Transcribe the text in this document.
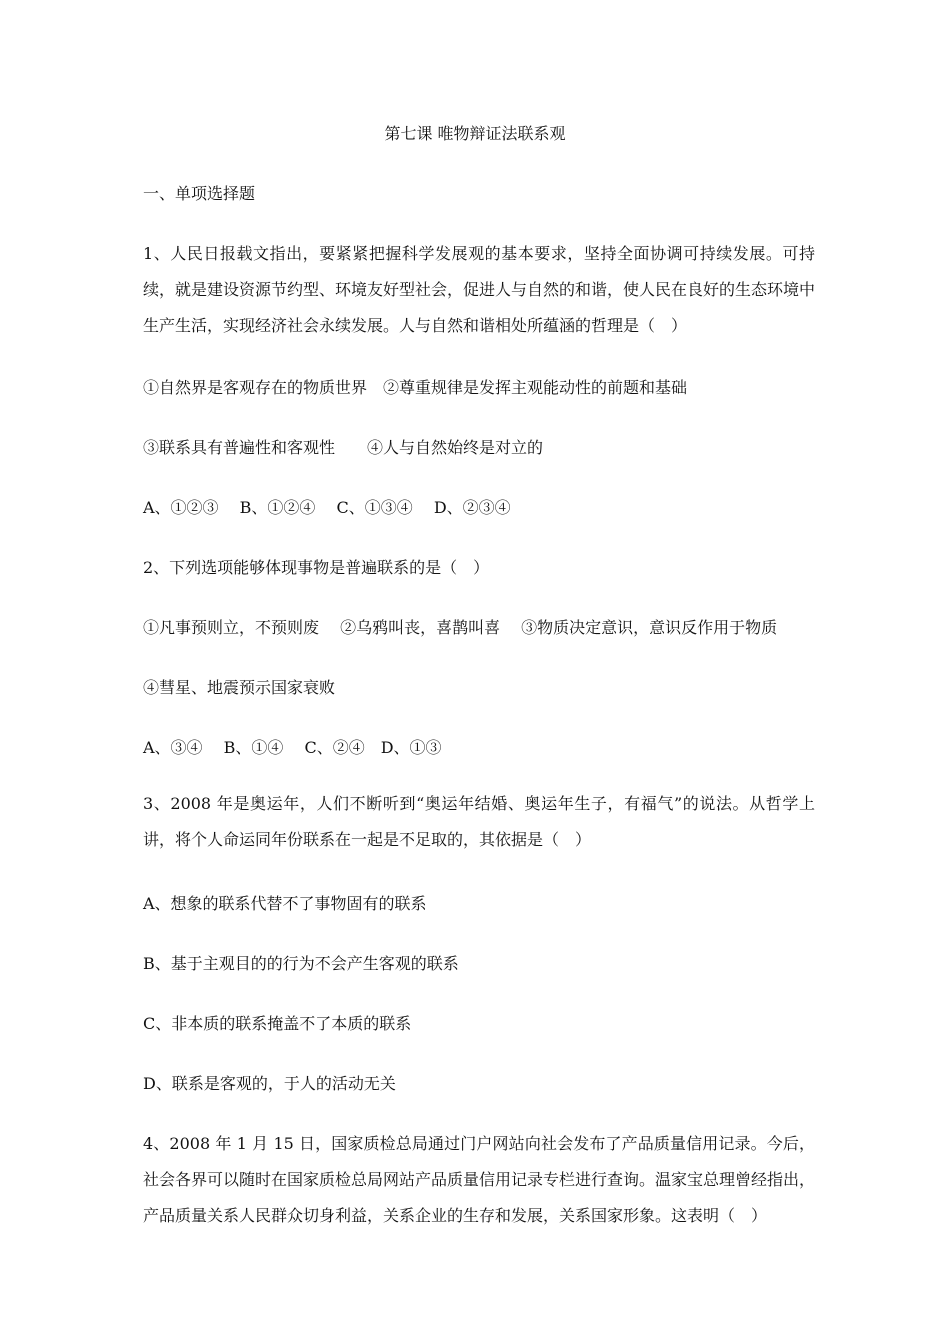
第七课 唯物辩证法联系观
一、单项选择题
1、人民日报载文指出，要紧紧把握科学发展观的基本要求，坚持全面协调可持续发展。可持续，就是建设资源节约型、环境友好型社会，促进人与自然的和谐，使人民在良好的生态环境中生产生活，实现经济社会永续发展。人与自然和谐相处所蕴涵的哲理是（　）
①自然界是客观存在的物质世界　②尊重规律是发挥主观能动性的前题和基础
③联系具有普遍性和客观性　　④人与自然始终是对立的
A、①②③　 B、①②④　 C、①③④　 D、②③④
2、下列选项能够体现事物是普遍联系的是（　）
①凡事预则立，不预则废　 ②乌鸦叫丧，喜鹊叫喜　 ③物质决定意识，意识反作用于物质
④彗星、地震预示国家衰败
A、③④　 B、①④　 C、②④　D、①③
3、2008 年是奥运年，人们不断听到“奥运年结婚、奥运年生子，有福气”的说法。从哲学上讲，将个人命运同年份联系在一起是不足取的，其依据是（　）
A、想象的联系代替不了事物固有的联系
B、基于主观目的的行为不会产生客观的联系
C、非本质的联系掩盖不了本质的联系
D、联系是客观的，于人的活动无关
4、2008 年 1 月 15 日，国家质检总局通过门户网站向社会发布了产品质量信用记录。今后，社会各界可以随时在国家质检总局网站产品质量信用记录专栏进行查询。温家宝总理曾经指出，产品质量关系人民群众切身利益，关系企业的生存和发展，关系国家形象。这表明（　）
